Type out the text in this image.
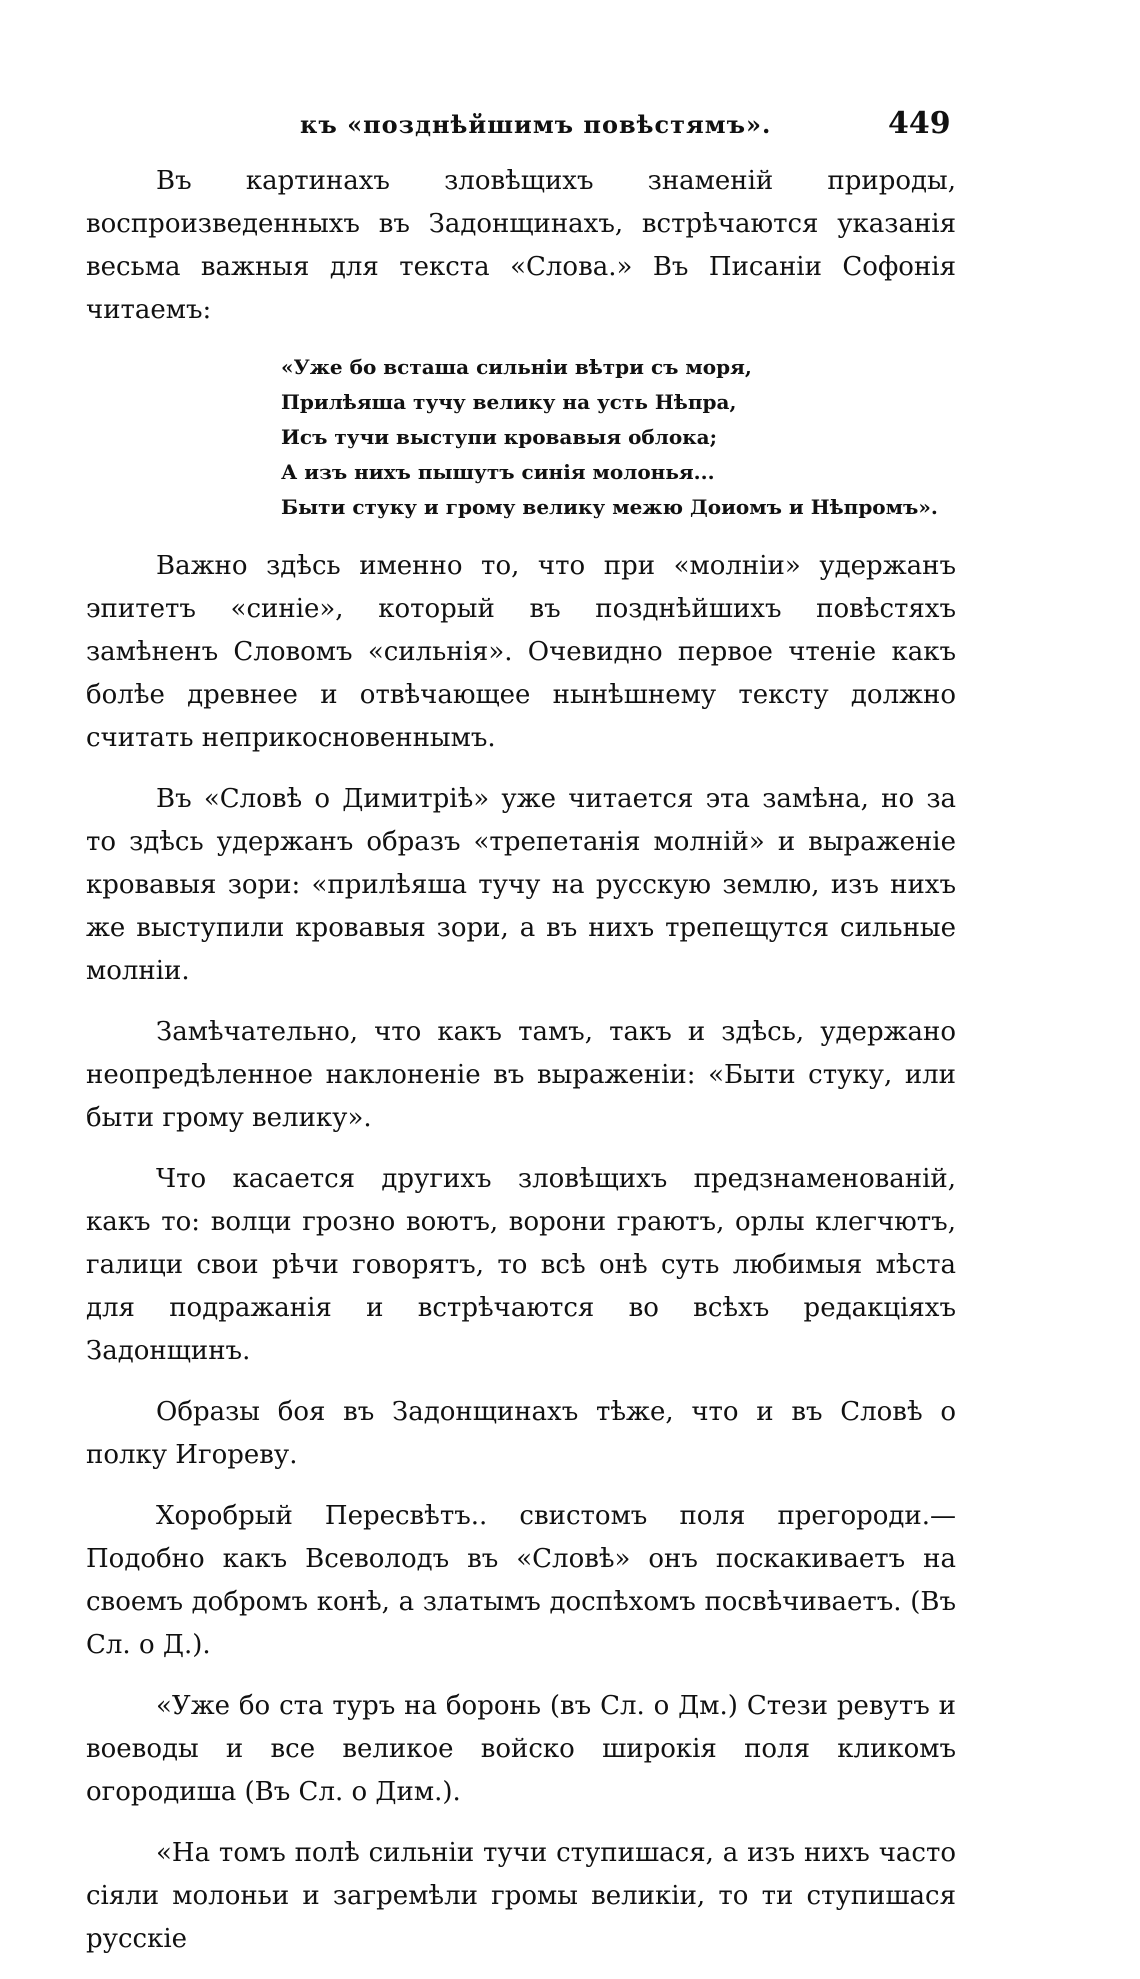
къ «позднѣйшимъ повѣстямъ».	449

Въ картинахъ зловѣщихъ знаменій природы, воспроизведенныхъ въ Задонщинахъ, встрѣчаются указанія весьма важныя для текста «Слова.» Въ Писаніи Софонія читаемъ:

«Уже бо вcташа сильнiи вѣтри съ моря,
Прилѣяша тучу велику на усть Нѣпра,
Исъ тучи выступи кровавыя облока;
А изъ нихъ пышутъ синiя молонья...
Быти стуку и грому велику межю Доиомъ и Нѣпромъ».

Важно здѣсь именно то, что при «молніи» удержанъ эпитетъ «синіе», который въ позднѣйшихъ повѣстяхъ замѣненъ Словомъ «сильнія». Очевидно первое чтеніе какъ болѣе древнее и отвѣчающее нынѣшнему тексту должно считать неприкосновеннымъ.

Въ «Словѣ о Димитріѣ» уже читается эта замѣна, но за то здѣсь удержанъ образъ «трепетанія молній» и выраженіе кровавыя зори: «прилѣяша тучу на русскую землю, изъ нихъ же выступили кровавыя зори, а въ нихъ трепещутся сильные молніи.

Замѣчательно, что какъ тамъ, такъ и здѣсь, удержано неопредѣленное наклоненіе въ выраженіи: «Быти стуку, или быти грому велику».

Что касается другихъ зловѣщихъ предзнаменованій, какъ то: волци грозно воютъ, ворони граютъ, орлы клегчютъ, галици свои рѣчи говорятъ, то всѣ онѣ суть любимыя мѣста для подражанія и встрѣчаются во всѣхъ редакціяхъ Задонщинъ.

Образы боя въ Задонщинахъ тѣже, что и въ Словѣ о полку Игореву.

Хоробрый Пересвѣтъ.. свистомъ поля прегороди.—Подобно какъ Всеволодъ въ «Словѣ» онъ поскакиваетъ на своемъ добромъ конѣ, а златымъ доспѣхомъ посвѣчиваетъ. (Въ Сл. о Д.).

«Уже бо ста туръ на боронь (въ Сл. о Дм.) Стези ревутъ и воеводы и все великое войско широкія поля кликомъ огородиша (Въ Сл. о Дим.).

«На томъ полѣ сильніи тучи ступишася, а изъ нихъ часто сіяли молоньи и загремѣли громы великіи, то ти ступишася русскіе
